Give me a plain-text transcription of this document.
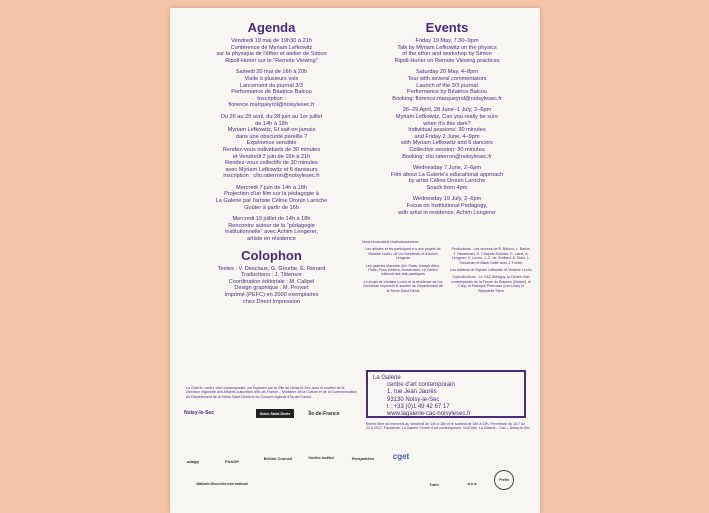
Agenda
Vendredi 19 mai de 19h30 à 21h
Conférence de Myriam Lefkowitz
sur la physique de l'éther et atelier de Simon
Ripoll-Hurier sur le "Remote Viewing"
Samedi 20 mai de 16h à 20h
Visite à plusieurs voix
Lancement du journal 3/3
Performance de Béatrice Balcou
Inscription :
florence.marqueyrol@noisylesec.fr
Du 26 au 29 avril, du 28 juin au 1er juillet
de 14h à 18h
Myriam Lefkowitz, Et sait-on jamais
dans une obscurité pareille ?
Expérience sensible
Rendez-vous individuels de 30 minutes
et Vendredi 2 juin de 16h à 21h
Rendez-vous collectifs de 30 minutes
avec Myriam Lefkowitz et 6 danseurs
Inscription : clio.raterron@noisylesec.fr
Mercredi 7 juin de 14h à 18h
Projection d'un film sur la pédagogie à
La Galerie par l'artiste Céline Drouin Laroche
Goûter à partir de 16h
Mercredi 19 juillet de 14h à 18h
Rencontre autour de la "pédagogie
institutionnelle" avec Achim Lengerer,
artiste en résidence
Colophon
Textes : V. Desclaux, G. Gourbe, É. Renard
Traductions : J. Tittensor
Coordination éditoriale : M. Calipel
Design graphique : M. Proyart
Imprimé (PEFC) en 2000 exemplaires
chez Direct Impression
Events
Friday 19 May, 7.30–9pm
Talk by Myriam Lefkowitz on the physics
of the ether and workshop by Simon
Ripoll-Hurier on Remote Viewing practices
Saturday 20 May, 4–8pm
Tour with several commentators
Launch of the 3/3 journal
Performance by Béatrice Balcou
Booking: florence.marqueyrol@noisylesec.fr
26–29 April, 28 June–1 July, 2–6pm
Myriam Lefkowitz, Can you really be sure
when it's this dark?
Individual sessions: 30 minutes
and Friday 2 June, 4–9pm
with Myriam Lefkowitz and 6 dancers
Collective session: 30 minutes
Booking: clio.raterron@noisylesec.fr
Wednesday 7 June, 2–6pm
Film about La Galerie's educational approach
by artist Céline Drouin Laroche
Snack from 4pm
Wednesday 19 July, 2–6pm
Focus on Institutional Pedagogy,
with artist in residence, Achim Lengerer
Nous remercions chaleureusement :

Les artistes et les participant·e·s aux projets de Violaine Lochu, de Lia Schulman et d'Achim Lengerer

Les galeries Marcelle Alix, Paris; Joseph Allen, Paris; Fons Welters, Amsterdam; Le Centre national des arts plastiques

Le projet de Violaine Lochu et la résidence de Lia Schulman reçoivent le soutien du Département de la Seine-Saint-Denis

Productions : Les œuvres de B. Balcou, L. Barba, J. Hauseman, D. Chapuis-Schmitz, E. Laine, A. Lengerer, V. Lochu, J.-C. de Greffard, S. Rollo, L. Schulman et Black Gaffe avec J. Fortier

Les éditions de Myriam Lefkowitz et Violaine Lochu

Coproductions : Le CAC Brétigny, la Centre d'art contemporain de la Ferme du Buisson (Noisiel), le Crep, la Fabrique Pherouse (Les Lilas) et Stéphanie Stern

La Galerie, centre d'art contemporain, est financée par la Ville de Noisy-le-Sec avec le soutien de la Direction régionale des Affaires culturelles d'Île-de-France – Ministère de la Culture et de la Communication, du Département de la Seine-Saint-Denis et du Conseil régional d'Île-de-France.
La Galerie
centre d'art contemporain
1, rue Jean Jaurès
93130 Noisy-le-Sec
t : +33 (0)1 49 42 67 17
www.lagalerie-cac-noisylesec.fr
Entrée libre du mercredi au vendredi de 14h à 18h et le samedi de 14h à 19h. Fermeture du 14.7 au 22.8.2017. Facebook: La Galerie Centre d'art contemporain. YouTube: La Galerie – Cac – Noisy-le-Sec
Noisy-le-Sec	Seine-Saint-Denis	Île-de-France
adagp	FNAGP
British Council	Goethe-Institut	Perspektive	cget
Wallonie-Bruxelles International	Tram	d.c.a
Prefet
